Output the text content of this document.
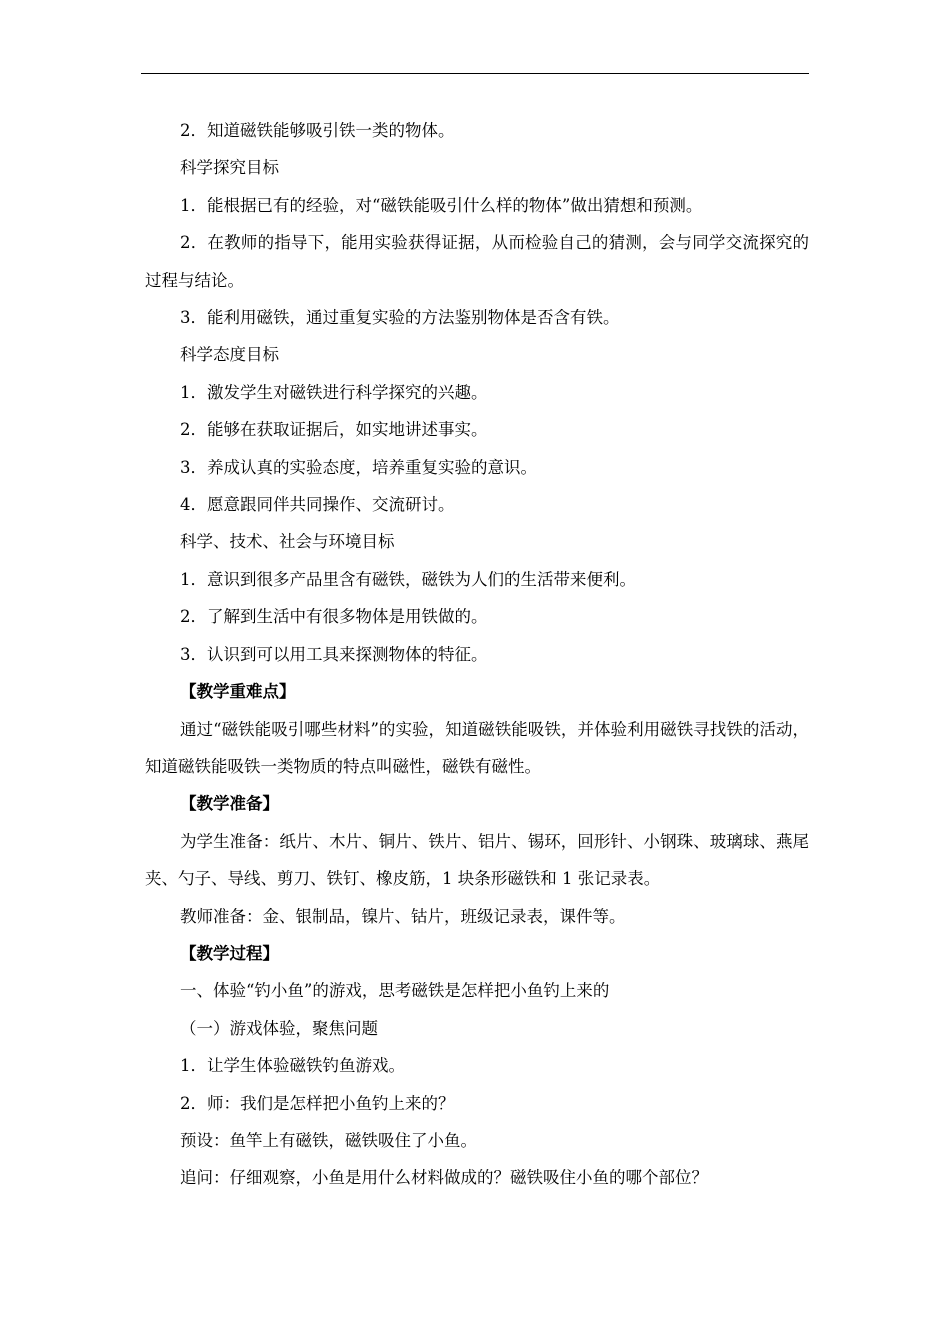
2．知道磁铁能够吸引铁一类的物体。

科学探究目标

1．能根据已有的经验，对“磁铁能吸引什么样的物体”做出猜想和预测。

2．在教师的指导下，能用实验获得证据，从而检验自己的猜测，会与同学交流探究的过程与结论。

3．能利用磁铁，通过重复实验的方法鉴别物体是否含有铁。

科学态度目标

1．激发学生对磁铁进行科学探究的兴趣。

2．能够在获取证据后，如实地讲述事实。

3．养成认真的实验态度，培养重复实验的意识。

4．愿意跟同伴共同操作、交流研讨。

科学、技术、社会与环境目标

1．意识到很多产品里含有磁铁，磁铁为人们的生活带来便利。

2．了解到生活中有很多物体是用铁做的。

3．认识到可以用工具来探测物体的特征。

【教学重难点】

通过“磁铁能吸引哪些材料”的实验，知道磁铁能吸铁，并体验利用磁铁寻找铁的活动，知道磁铁能吸铁一类物质的特点叫磁性，磁铁有磁性。

【教学准备】

为学生准备：纸片、木片、铜片、铁片、铝片、锡环，回形针、小钢珠、玻璃球、燕尾夹、勺子、导线、剪刀、铁钉、橡皮筋，1 块条形磁铁和 1 张记录表。

教师准备：金、银制品，镍片、钴片，班级记录表，课件等。

【教学过程】

一、体验“钓小鱼”的游戏，思考磁铁是怎样把小鱼钓上来的

（一）游戏体验，聚焦问题

1．让学生体验磁铁钓鱼游戏。

2．师：我们是怎样把小鱼钓上来的？

预设：鱼竿上有磁铁，磁铁吸住了小鱼。

追问：仔细观察，小鱼是用什么材料做成的？磁铁吸住小鱼的哪个部位？
